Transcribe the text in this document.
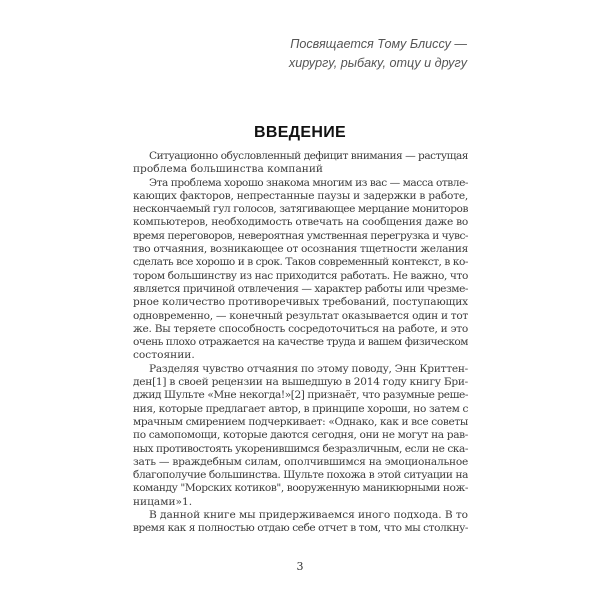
Посвящается Тому Блиссу —
хирургу, рыбаку, отцу и другу
ВВЕДЕНИЕ
Ситуационно обусловленный дефицит внимания — растущая
проблема большинства компаний
Эта проблема хорошо знакома многим из вас — масса отвле-
кающих факторов, непрестанные паузы и задержки в работе,
нескончаемый гул голосов, затягивающее мерцание мониторов
компьютеров, необходимость отвечать на сообщения даже во
время переговоров, невероятная умственная перегрузка и чувс-
тво отчаяния, возникающее от осознания тщетности желания
сделать все хорошо и в срок. Таков современный контекст, в ко-
тором большинству из нас приходится работать. Не важно, что
является причиной отвлечения — характер работы или чрезме-
рное количество противоречивых требований, поступающих
одновременно, — конечный результат оказывается один и тот
же. Вы теряете способность сосредоточиться на работе, и это
очень плохо отражается на качестве труда и вашем физическом
состоянии.
Разделяя чувство отчаяния по этому поводу, Энн Криттен-
ден[1] в своей рецензии на вышедшую в 2014 году книгу Бри-
джид Шульте «Мне некогда!»[2] признаёт, что разумные реше-
ния, которые предлагает автор, в принципе хороши, но затем с
мрачным смирением подчеркивает: «Однако, как и все советы
по самопомощи, которые даются сегодня, они не могут на рав-
ных противостоять укоренившимся безразличным, если не ска-
зать — враждебным силам, ополчившимся на эмоциональное
благополучие большинства. Шульте похожа в этой ситуации на
команду "Морских котиков", вооруженную маникюрными нож-
ницами»1.
В данной книге мы придерживаемся иного подхода. В то
время как я полностью отдаю себе отчет в том, что мы столкну-
3
